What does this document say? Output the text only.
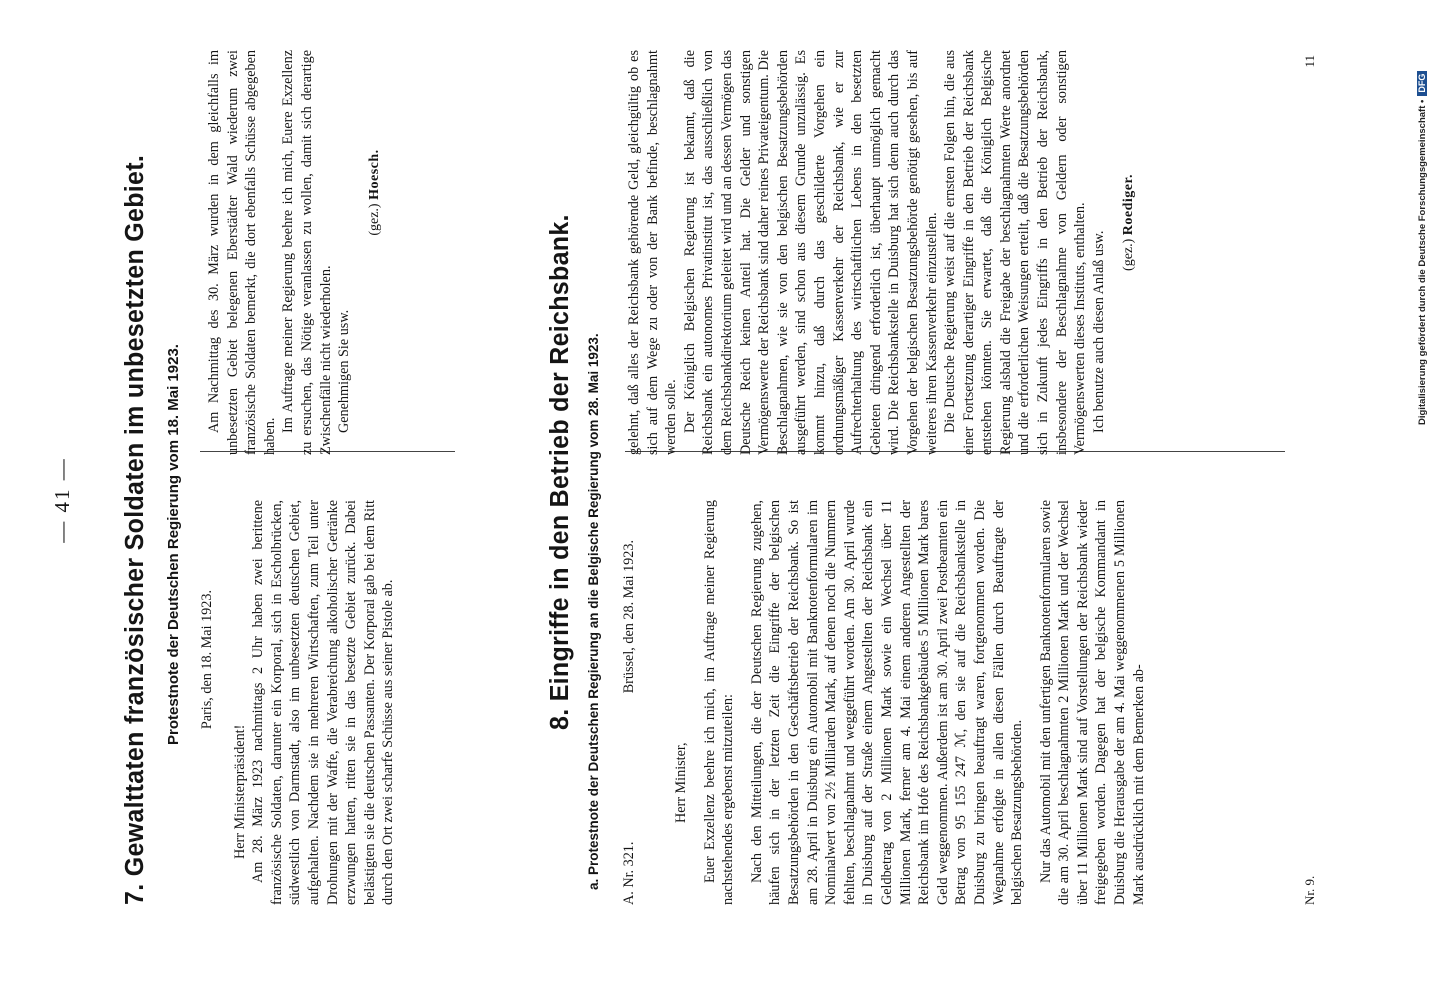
— 41 — 7. Gewalttaten französischer Soldaten im unbesetzten Gebiet. Protestnote der Deutschen Regierung vom 18. Mai 1923. Paris, den 18. Mai 1923.

Herr Ministerpräsident! Am 28. März 1923 nachmittags 2 Uhr haben zwei berittene französische Soldaten, darunter ein Korporal, sich in Escholbrücken, südwestlich von Darmstadt, also im unbesetzten deutschen Gebiet, aufgehalten. Nachdem sie in mehreren Wirtschaften, zum Teil unter Drohungen mit der Waffe, die Verabreichung alkoholischer Getränke erzwungen hatten, ritten sie in das besetzte Gebiet zurück. Dabei belästigten sie die deutschen Passanten. Der Korporal gab bei dem Ritt durch den Ort zwei scharfe Schüsse aus seiner Pistole ab.

Am Nachmittag des 30. März wurden in dem gleichfalls im unbesetzten Gebiet belegenen Eberstädter Wald wiederum zwei französische Soldaten bemerkt, die dort ebenfalls Schüsse abgegeben haben.

Im Auftrage meiner Regierung beehre ich mich, Euere Exzellenz zu ersuchen, das Nötige veranlassen zu wollen, damit sich derartige Zwischenfälle nicht wiederholen. Genehmigen Sie usw.

(gez.) Hoesch.
8. Eingriffe in den Betrieb der Reichsbank. a. Protestnote der Deutschen Regierung an die Belgische Regierung vom 28. Mai 1923. A. Nr. 321.
Brüssel, den 28. Mai 1923.

Herr Minister, Euer Exzellenz beehre ich mich, im Auftrage meiner Regierung nachstehendes ergebenst mitzuteilen: Nach den Mitteilungen, die der Deutschen Regierung zugehen, häufen sich in der letzten Zeit die Eingriffe der belgischen Besatzungsbehörden in den Geschäftsbetrieb der Reichsbank. So ist am 28. April in Duisburg ein Automobil mit Banknotenformularen im Nominalwert von 2½ Milliarden Mark, auf denen noch die Nummern fehlten, beschlagnahmt und weggeführt worden. Am 30. April wurde in Duisburg auf der Straße einem Angestellten der Reichsbank ein Geldbetrag von 2 Millionen Mark sowie ein Wechsel über 11 Millionen Mark, ferner am 4. Mai einem anderen Angestellten der Reichsbank im Hofe des Reichsbankgebäudes 5 Millionen Mark bares Geld weggenommen. Außerdem ist am 30. April zwei Postbeamten ein Betrag von 95 155 247 ℳ, den sie auf die Reichsbankstelle in Duisburg zu bringen beauftragt waren, fortgenommen worden. Die Wegnahme erfolgte in allen diesen Fällen durch Beauftragte der belgischen Besatzungsbehörden. Nur das Automobil mit den unfertigen Banknotenformularen sowie die am 30. April beschlagnahmten 2 Millionen Mark und der Wechsel über 11 Millionen Mark sind auf Vorstellungen der Reichsbank wieder freigegeben worden. Dagegen hat der belgische Kommandant in Duisburg die Herausgabe der am 4. Mai weggenommenen 5 Millionen Mark ausdrücklich mit dem Bemerken ab-

gelehnt, daß alles der Reichsbank gehörende Geld, gleichgültig ob es sich auf dem Wege zu oder von der Bank befinde, beschlagnahmt werden solle. Der Königlich Belgischen Regierung ist bekannt, daß die Reichsbank ein autonomes Privatinstitut ist, das ausschließlich von dem Reichsbankdirektorium geleitet wird und an dessen Vermögen das Deutsche Reich keinen Anteil hat. Die Gelder und sonstigen Vermögenswerte der Reichsbank sind daher reines Privateigentum. Die Beschlagnahmen, wie sie von den belgischen Besatzungsbehörden ausgeführt werden, sind schon aus diesem Grunde unzulässig. Es kommt hinzu, daß durch das geschilderte Vorgehen ein ordnungsmäßiger Kassenverkehr der Reichsbank, wie er zur Aufrechterhaltung des wirtschaftlichen Lebens in den besetzten Gebieten dringend erforderlich ist, überhaupt unmöglich gemacht wird. Die Reichsbankstelle in Duisburg hat sich denn auch durch das Vorgehen der belgischen Besatzungsbehörde genötigt gesehen, bis auf weiteres ihren Kassenverkehr einzustellen. Die Deutsche Regierung weist auf die ernsten Folgen hin, die aus einer Fortsetzung derartiger Eingriffe in den Betrieb der Reichsbank entstehen könnten. Sie erwartet, daß die Königlich Belgische Regierung alsbald die Freigabe der beschlagnahmten Werte anordnet und die erforderlichen Weisungen erteilt, daß die Besatzungsbehörden sich in Zukunft jedes Eingriffs in den Betrieb der Reichsbank, insbesondere der Beschlagnahme von Geldern oder sonstigen Vermögenswerten dieses Instituts, enthalten. Ich benutze auch diesen Anlaß usw. (gez.) Roediger.
Nr. 9.
11
Digitalisierung gefördert durch die Deutsche Forschungsgemeinschaft •DFG
